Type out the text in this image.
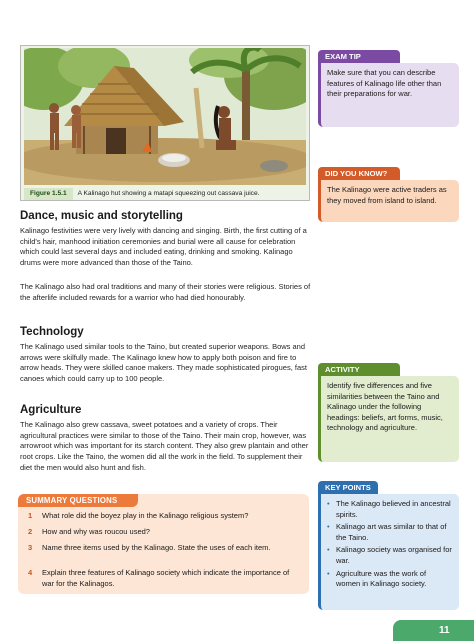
Figure 1.5.1 A Kalinago hut showing a matapi squeezing out cassava juice.
Dance, music and storytelling

Kalinago festivities were very lively with dancing and singing. Birth, the first cutting of a child's hair, manhood initiation ceremonies and burial were all cause for celebration which could last several days and included eating, drinking and smoking. Kalinago drums were more advanced than those of the Taino.

The Kalinago also had oral traditions and many of their stories were religious. Stories of the afterlife included rewards for a warrior who had died honourably.

Technology

The Kalinago used similar tools to the Taino, but created superior weapons. Bows and arrows were skilfully made. The Kalinago knew how to apply both poison and fire to arrow heads. They were skilled canoe makers. They made sophisticated pirogues, fast canoes which could carry up to 100 people.

Agriculture

The Kalinago also grew cassava, sweet potatoes and a variety of crops. Their agricultural practices were similar to those of the Taino. Their main crop, however, was arrowroot which was important for its starch content. They also grew plantain and other root crops. Like the Taino, the women did all the work in the field. To supplement their diet the men would also hunt and fish.

SUMMARY QUESTIONS
1	What role did the boyez play in the Kalinago religious system?
2	How and why was roucou used?
3	Name three items used by the Kalinago. State the uses of each item.
4	Explain three features of Kalinago society which indicate the importance of war for the Kalinagos.
EXAM TIP
Make sure that you can describe features of Kalinago life other than their preparations for war.
DID YOU KNOW?
The Kalinago were active traders as they moved from island to island.
ACTIVITY
Identify five differences and five similarities between the Taino and Kalinago under the following headings: beliefs, art forms, music, technology and agriculture.
KEY POINTS
• The Kalinago believed in ancestral spirits.
• Kalinago art was similar to that of the Taino.
• Kalinago society was organised for war.
• Agriculture was the work of women in Kalinago society.
11
